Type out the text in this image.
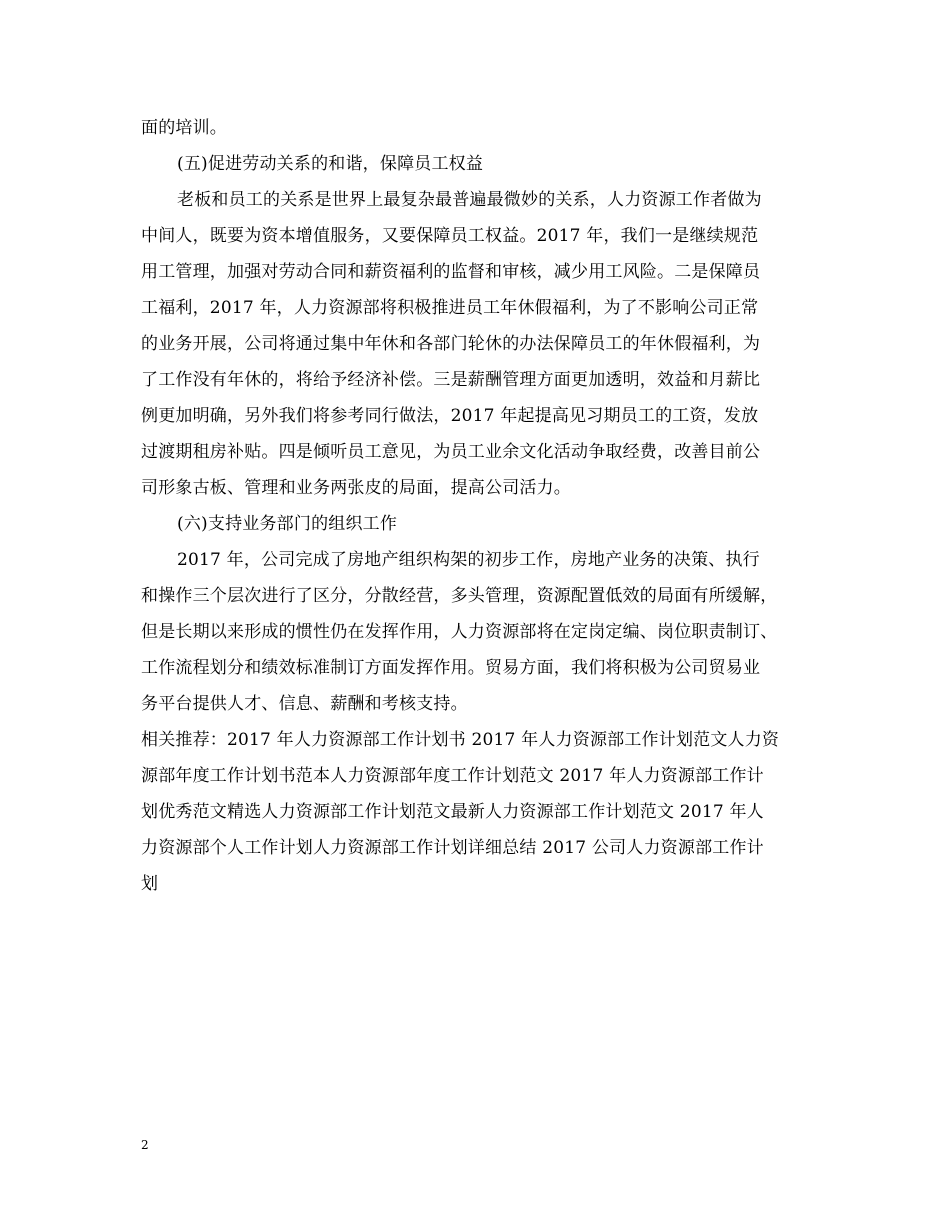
面的培训。
(五)促进劳动关系的和谐，保障员工权益
老板和员工的关系是世界上最复杂最普遍最微妙的关系，人力资源工作者做为
中间人，既要为资本增值服务，又要保障员工权益。2017 年，我们一是继续规范
用工管理，加强对劳动合同和薪资福利的监督和审核，减少用工风险。二是保障员
工福利，2017 年，人力资源部将积极推进员工年休假福利，为了不影响公司正常
的业务开展，公司将通过集中年休和各部门轮休的办法保障员工的年休假福利，为
了工作没有年休的，将给予经济补偿。三是薪酬管理方面更加透明，效益和月薪比
例更加明确，另外我们将参考同行做法，2017 年起提高见习期员工的工资，发放
过渡期租房补贴。四是倾听员工意见，为员工业余文化活动争取经费，改善目前公
司形象古板、管理和业务两张皮的局面，提高公司活力。
(六)支持业务部门的组织工作
2017 年，公司完成了房地产组织构架的初步工作，房地产业务的决策、执行
和操作三个层次进行了区分，分散经营，多头管理，资源配置低效的局面有所缓解，
但是长期以来形成的惯性仍在发挥作用，人力资源部将在定岗定编、岗位职责制订、
工作流程划分和绩效标准制订方面发挥作用。贸易方面，我们将积极为公司贸易业
务平台提供人才、信息、薪酬和考核支持。
相关推荐：2017 年人力资源部工作计划书 2017 年人力资源部工作计划范文人力资
源部年度工作计划书范本人力资源部年度工作计划范文 2017 年人力资源部工作计
划优秀范文精选人力资源部工作计划范文最新人力资源部工作计划范文 2017 年人
力资源部个人工作计划人力资源部工作计划详细总结 2017 公司人力资源部工作计
划
2
